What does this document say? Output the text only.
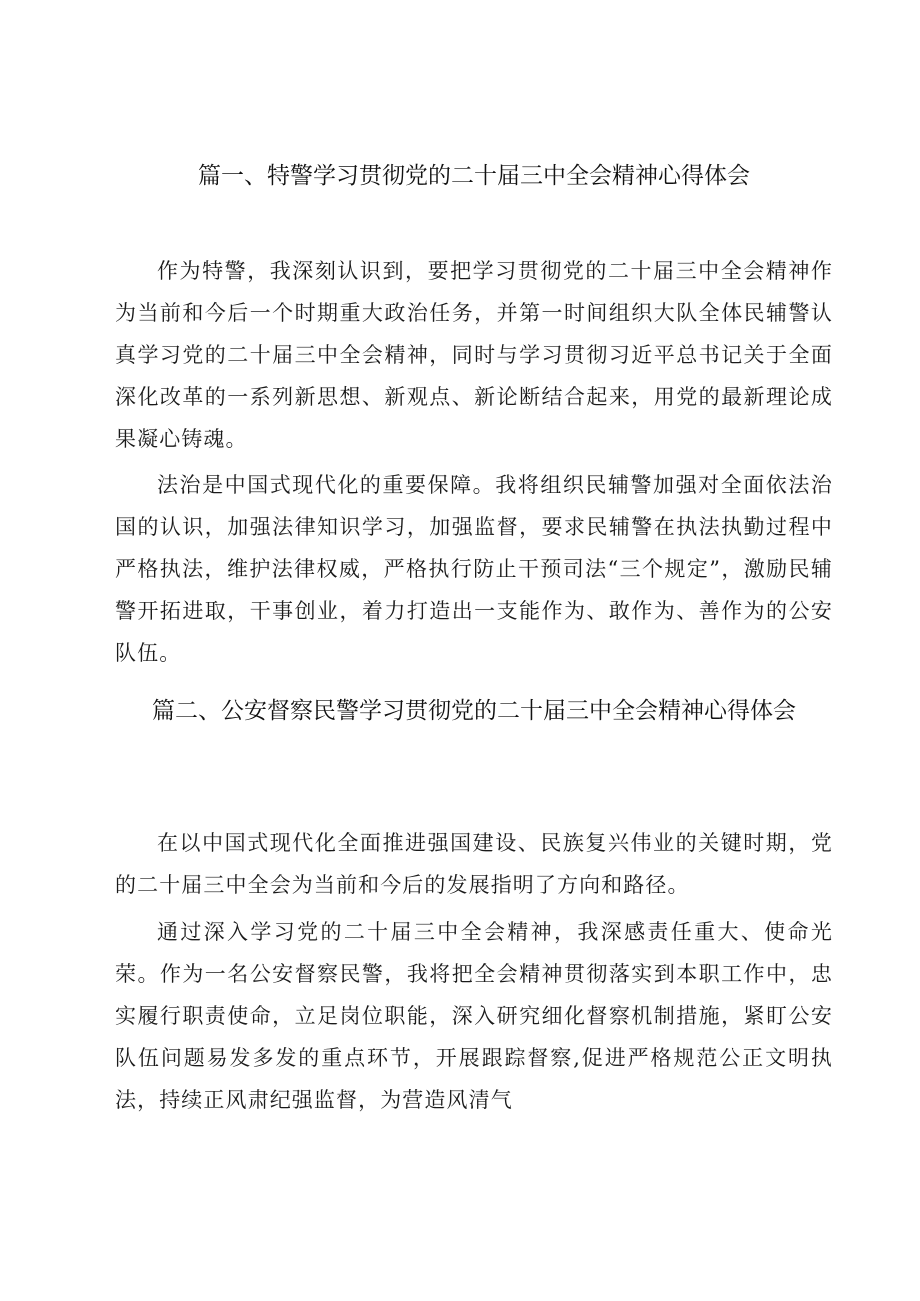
篇一、特警学习贯彻党的二十届三中全会精神心得体会

作为特警，我深刻认识到，要把学习贯彻党的二十届三中全会精神作为当前和今后一个时期重大政治任务，并第一时间组织大队全体民辅警认真学习党的二十届三中全会精神，同时与学习贯彻习近平总书记关于全面深化改革的一系列新思想、新观点、新论断结合起来，用党的最新理论成果凝心铸魂。

法治是中国式现代化的重要保障。我将组织民辅警加强对全面依法治国的认识，加强法律知识学习，加强监督，要求民辅警在执法执勤过程中严格执法，维护法律权威，严格执行防止干预司法“三个规定”，激励民辅警开拓进取，干事创业，着力打造出一支能作为、敢作为、善作为的公安队伍。

篇二、公安督察民警学习贯彻党的二十届三中全会精神心得体会

在以中国式现代化全面推进强国建设、民族复兴伟业的关键时期，党的二十届三中全会为当前和今后的发展指明了方向和路径。

通过深入学习党的二十届三中全会精神，我深感责任重大、使命光荣。作为一名公安督察民警，我将把全会精神贯彻落实到本职工作中，忠实履行职责使命，立足岗位职能，深入研究细化督察机制措施，紧盯公安队伍问题易发多发的重点环节，开展跟踪督察,促进严格规范公正文明执法，持续正风肃纪强监督，为营造风清气
